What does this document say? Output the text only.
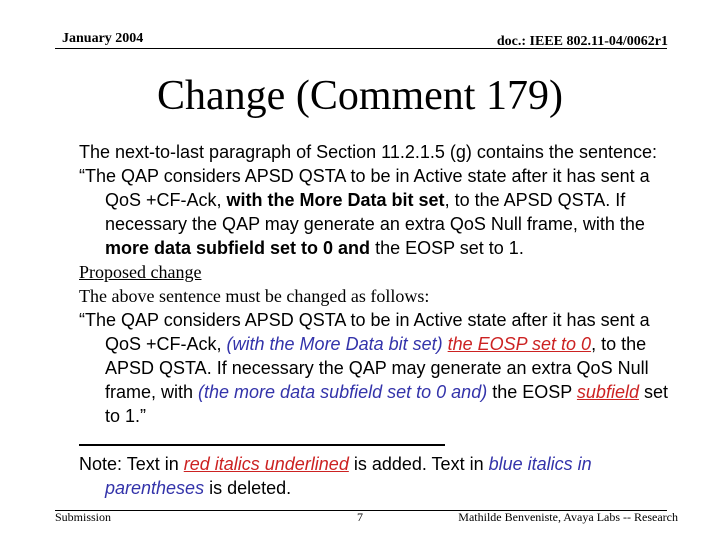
January 2004	doc.: IEEE 802.11-04/0062r1
Change (Comment 179)

The next-to-last paragraph of Section 11.2.1.5 (g) contains the sentence:

“The QAP considers APSD QSTA to be in Active state after it has sent a QoS +CF-Ack, with the More Data bit set, to the APSD QSTA. If necessary the QAP may generate an extra QoS Null frame, with the more data subfield set to 0 and the EOSP set to 1.

Proposed change

The above sentence must be changed as follows:

“The QAP considers APSD QSTA to be in Active state after it has sent a QoS +CF-Ack, (with the More Data bit set) the EOSP set to 0, to the APSD QSTA. If necessary the QAP may generate an extra QoS Null frame, with (the more data subfield set to 0 and) the EOSP subfield set to 1.”

Note: Text in red italics underlined is added. Text in blue italics in parentheses is deleted.

Submission	7	Mathilde Benveniste, Avaya Labs -- Research
